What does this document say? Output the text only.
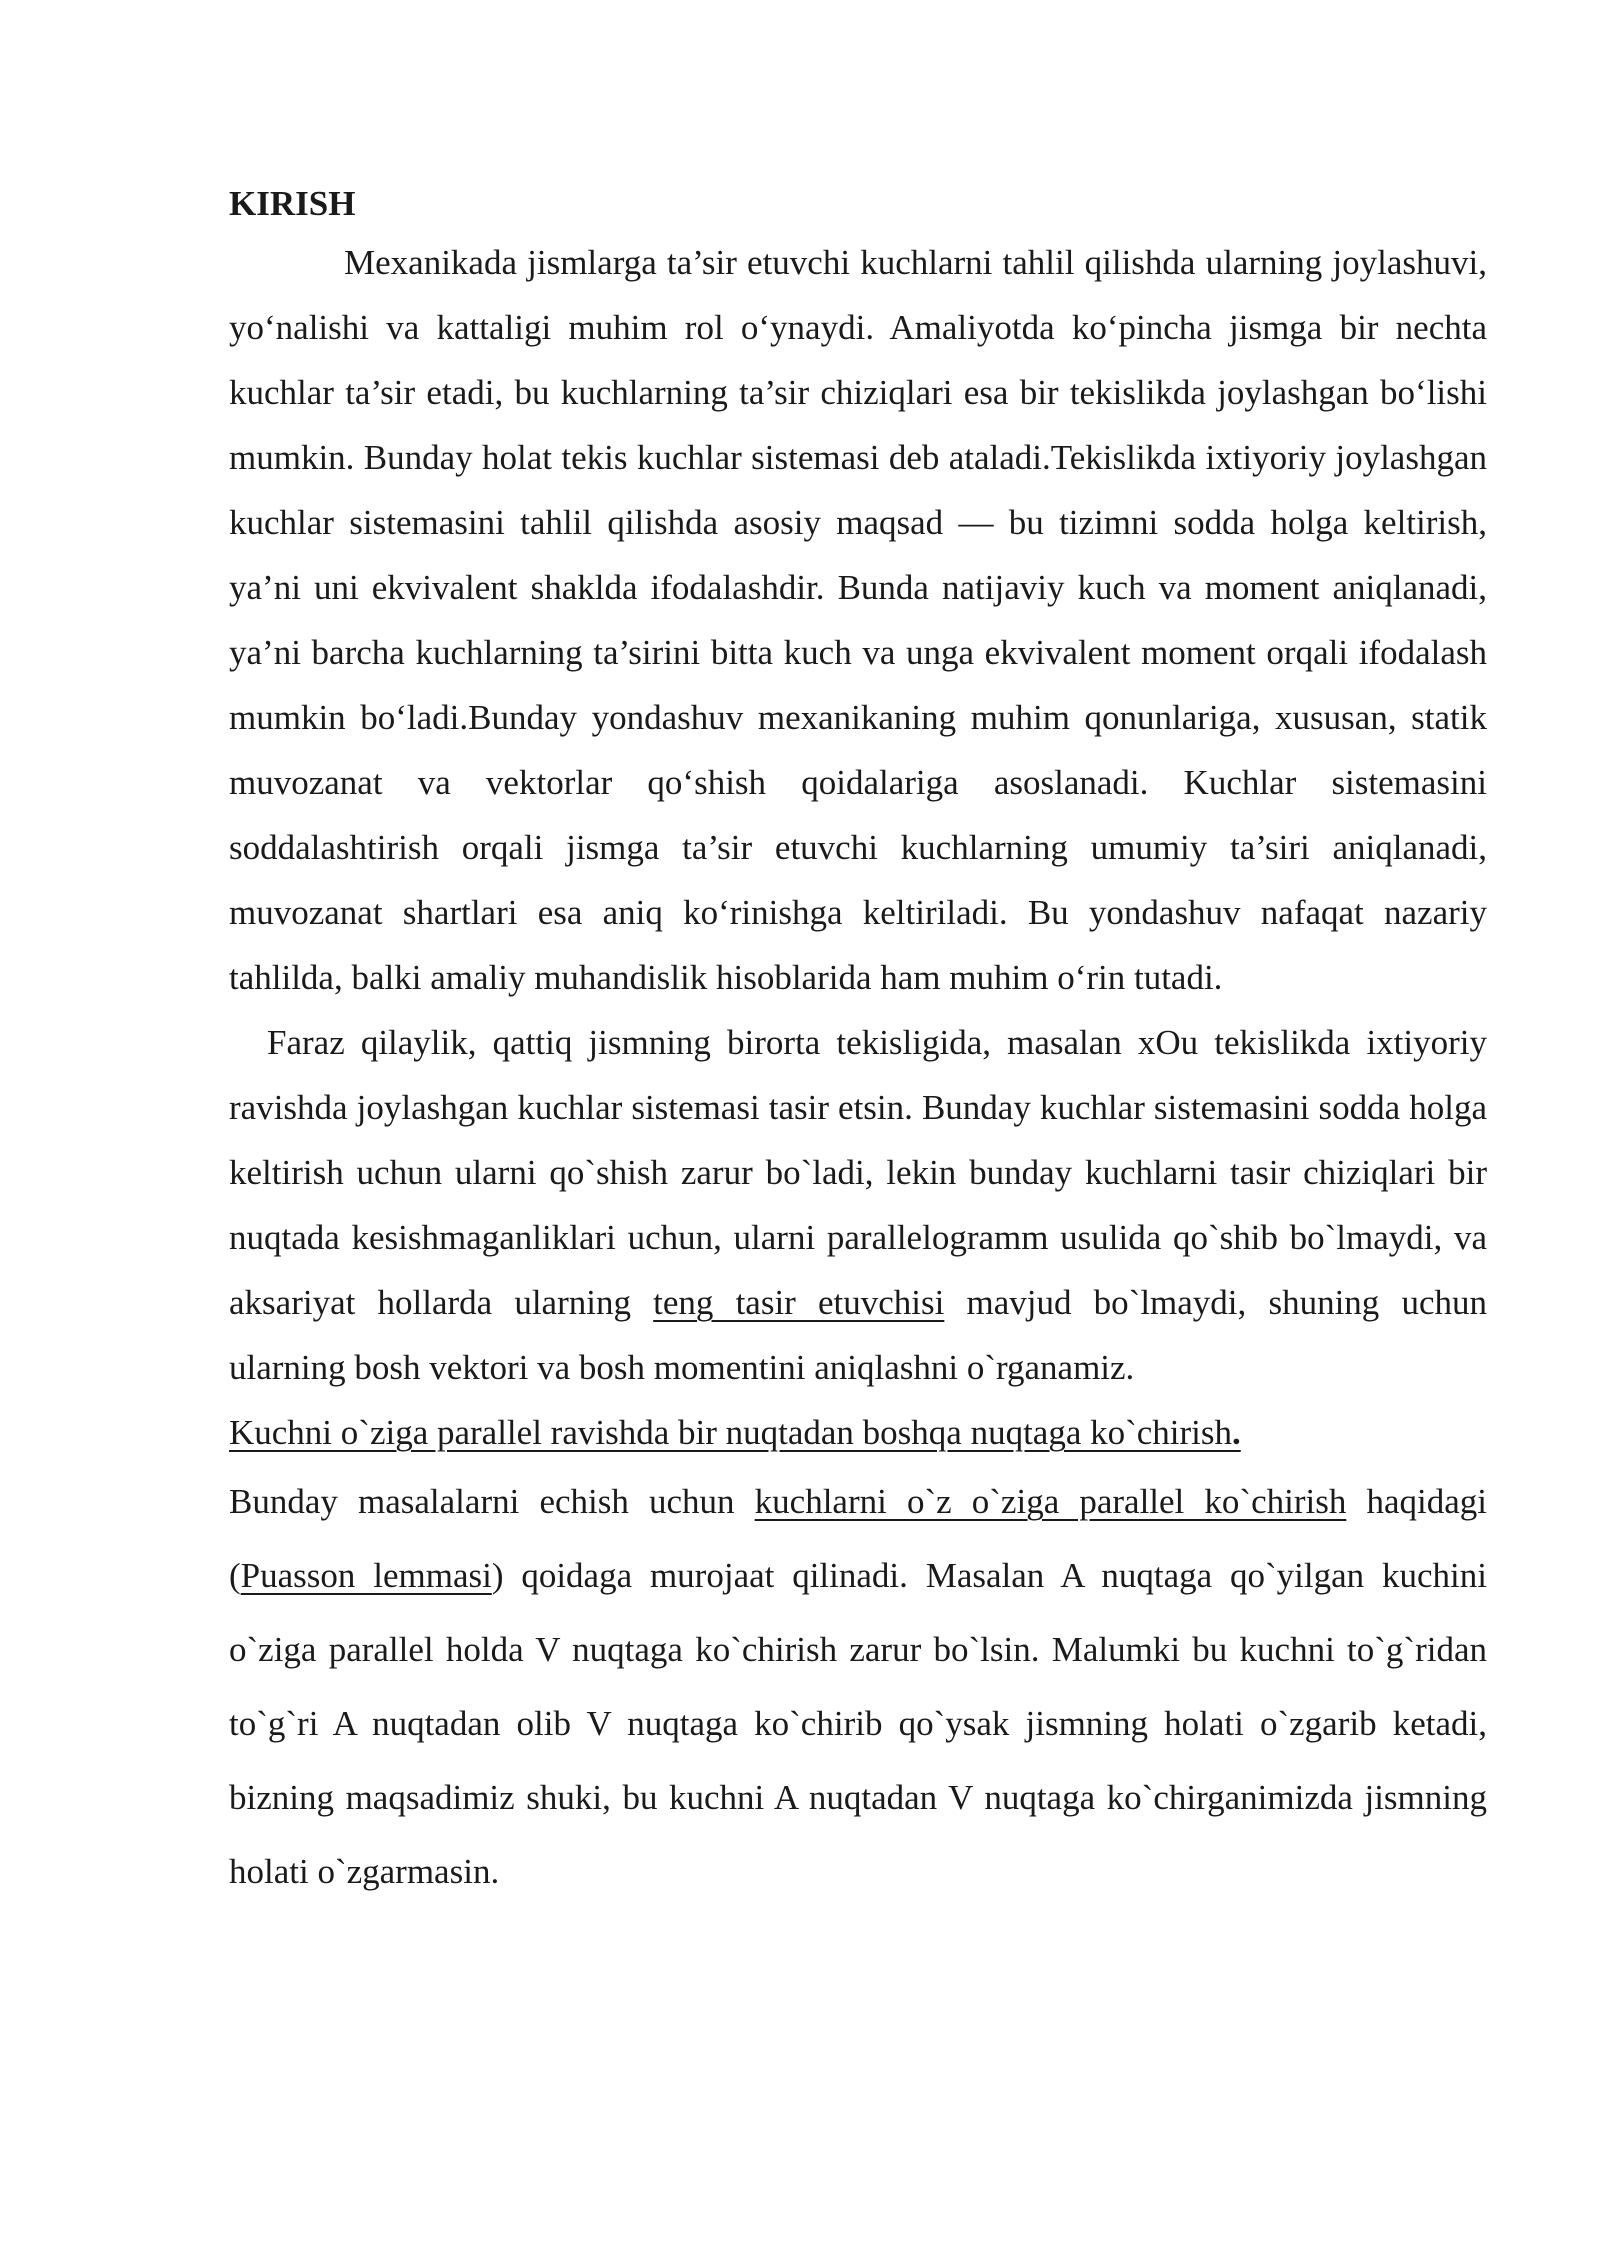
KIRISH

Mexanikada jismlarga ta’sir etuvchi kuchlarni tahlil qilishda ularning joylashuvi, yo‘nalishi va kattaligi muhim rol o‘ynaydi. Amaliyotda ko‘pincha jismga bir nechta kuchlar ta’sir etadi, bu kuchlarning ta’sir chiziqlari esa bir tekislikda joylashgan bo‘lishi mumkin. Bunday holat tekis kuchlar sistemasi deb ataladi.Tekislikda ixtiyoriy joylashgan kuchlar sistemasini tahlil qilishda asosiy maqsad — bu tizimni sodda holga keltirish, ya’ni uni ekvivalent shaklda ifodalashdir. Bunda natijaviy kuch va moment aniqlanadi, ya’ni barcha kuchlarning ta’sirini bitta kuch va unga ekvivalent moment orqali ifodalash mumkin bo‘ladi.Bunday yondashuv mexanikaning muhim qonunlariga, xususan, statik muvozanat va vektorlar qo‘shish qoidalariga asoslanadi. Kuchlar sistemasini soddalashtirish orqali jismga ta’sir etuvchi kuchlarning umumiy ta’siri aniqlanadi, muvozanat shartlari esa aniq ko‘rinishga keltiriladi. Bu yondashuv nafaqat nazariy tahlilda, balki amaliy muhandislik hisoblarida ham muhim o‘rin tutadi.

Faraz qilaylik, qattiq jismning birorta tekisligida, masalan xOu tekislikda ixtiyoriy ravishda joylashgan kuchlar sistemasi tasir etsin. Bunday kuchlar sistemasini sodda holga keltirish uchun ularni qo`shish zarur bo`ladi, lekin bunday kuchlarni tasir chiziqlari bir nuqtada kesishmaganliklari uchun, ularni parallelogramm usulida qo`shib bo`lmaydi, va aksariyat hollarda ularning teng tasir etuvchisi mavjud bo`lmaydi, shuning uchun ularning bosh vektori va bosh momentini aniqlashni o`rganamiz.

Kuchni o`ziga parallel ravishda bir nuqtadan boshqa nuqtaga ko`chirish.

Bunday masalalarni echish uchun kuchlarni o`z o`ziga parallel ko`chirish haqidagi (Puasson lemmasi) qoidaga murojaat qilinadi. Masalan A nuqtaga qo`yilgan kuchini o`ziga parallel holda V nuqtaga ko`chirish zarur bo`lsin. Malumki bu kuchni to`g`ridan to`g`ri A nuqtadan olib V nuqtaga ko`chirib qo`ysak jismning holati o`zgarib ketadi, bizning maqsadimiz shuki, bu kuchni A nuqtadan V nuqtaga ko`chirganimizda jismning holati o`zgarmasin.
